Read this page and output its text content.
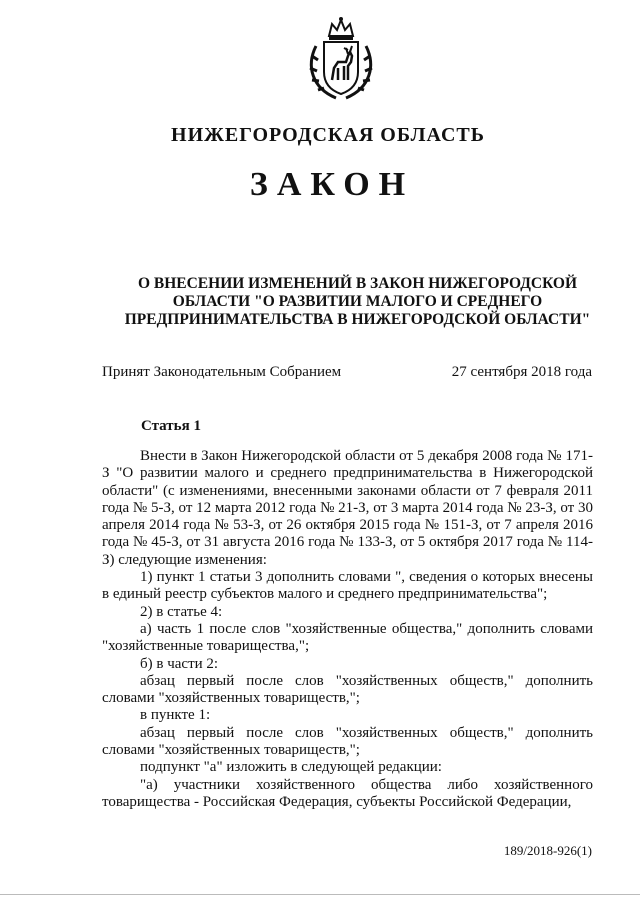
НИЖЕГОРОДСКАЯ ОБЛАСТЬ
ЗАКОН
О ВНЕСЕНИИ ИЗМЕНЕНИЙ В ЗАКОН НИЖЕГОРОДСКОЙ ОБЛАСТИ "О РАЗВИТИИ МАЛОГО И СРЕДНЕГО ПРЕДПРИНИМАТЕЛЬСТВА В НИЖЕГОРОДСКОЙ ОБЛАСТИ"
Принят Законодательным Собранием	27 сентября 2018 года
Статья 1

Внести в Закон Нижегородской области от 5 декабря 2008 года № 171-З "О развитии малого и среднего предпринимательства в Нижегородской области" (с изменениями, внесенными законами области от 7 февраля 2011 года № 5-З, от 12 марта 2012 года № 21-З, от 3 марта 2014 года № 23-З, от 30 апреля 2014 года № 53-З, от 26 октября 2015 года № 151-З, от 7 апреля 2016 года № 45-З, от 31 августа 2016 года № 133-З, от 5 октября 2017 года № 114-З) следующие изменения:

1) пункт 1 статьи 3 дополнить словами ", сведения о которых внесены в единый реестр субъектов малого и среднего предпринимательства";

2) в статье 4:

а) часть 1 после слов "хозяйственные общества," дополнить словами "хозяйственные товарищества,";

б) в части 2:

абзац первый после слов "хозяйственных обществ," дополнить словами "хозяйственных товариществ,";

в пункте 1:

абзац первый после слов "хозяйственных обществ," дополнить словами "хозяйственных товариществ,";

подпункт "а" изложить в следующей редакции:

"а) участники хозяйственного общества либо хозяйственного товарищества - Российская Федерация, субъекты Российской Федерации,

189/2018-926(1)
